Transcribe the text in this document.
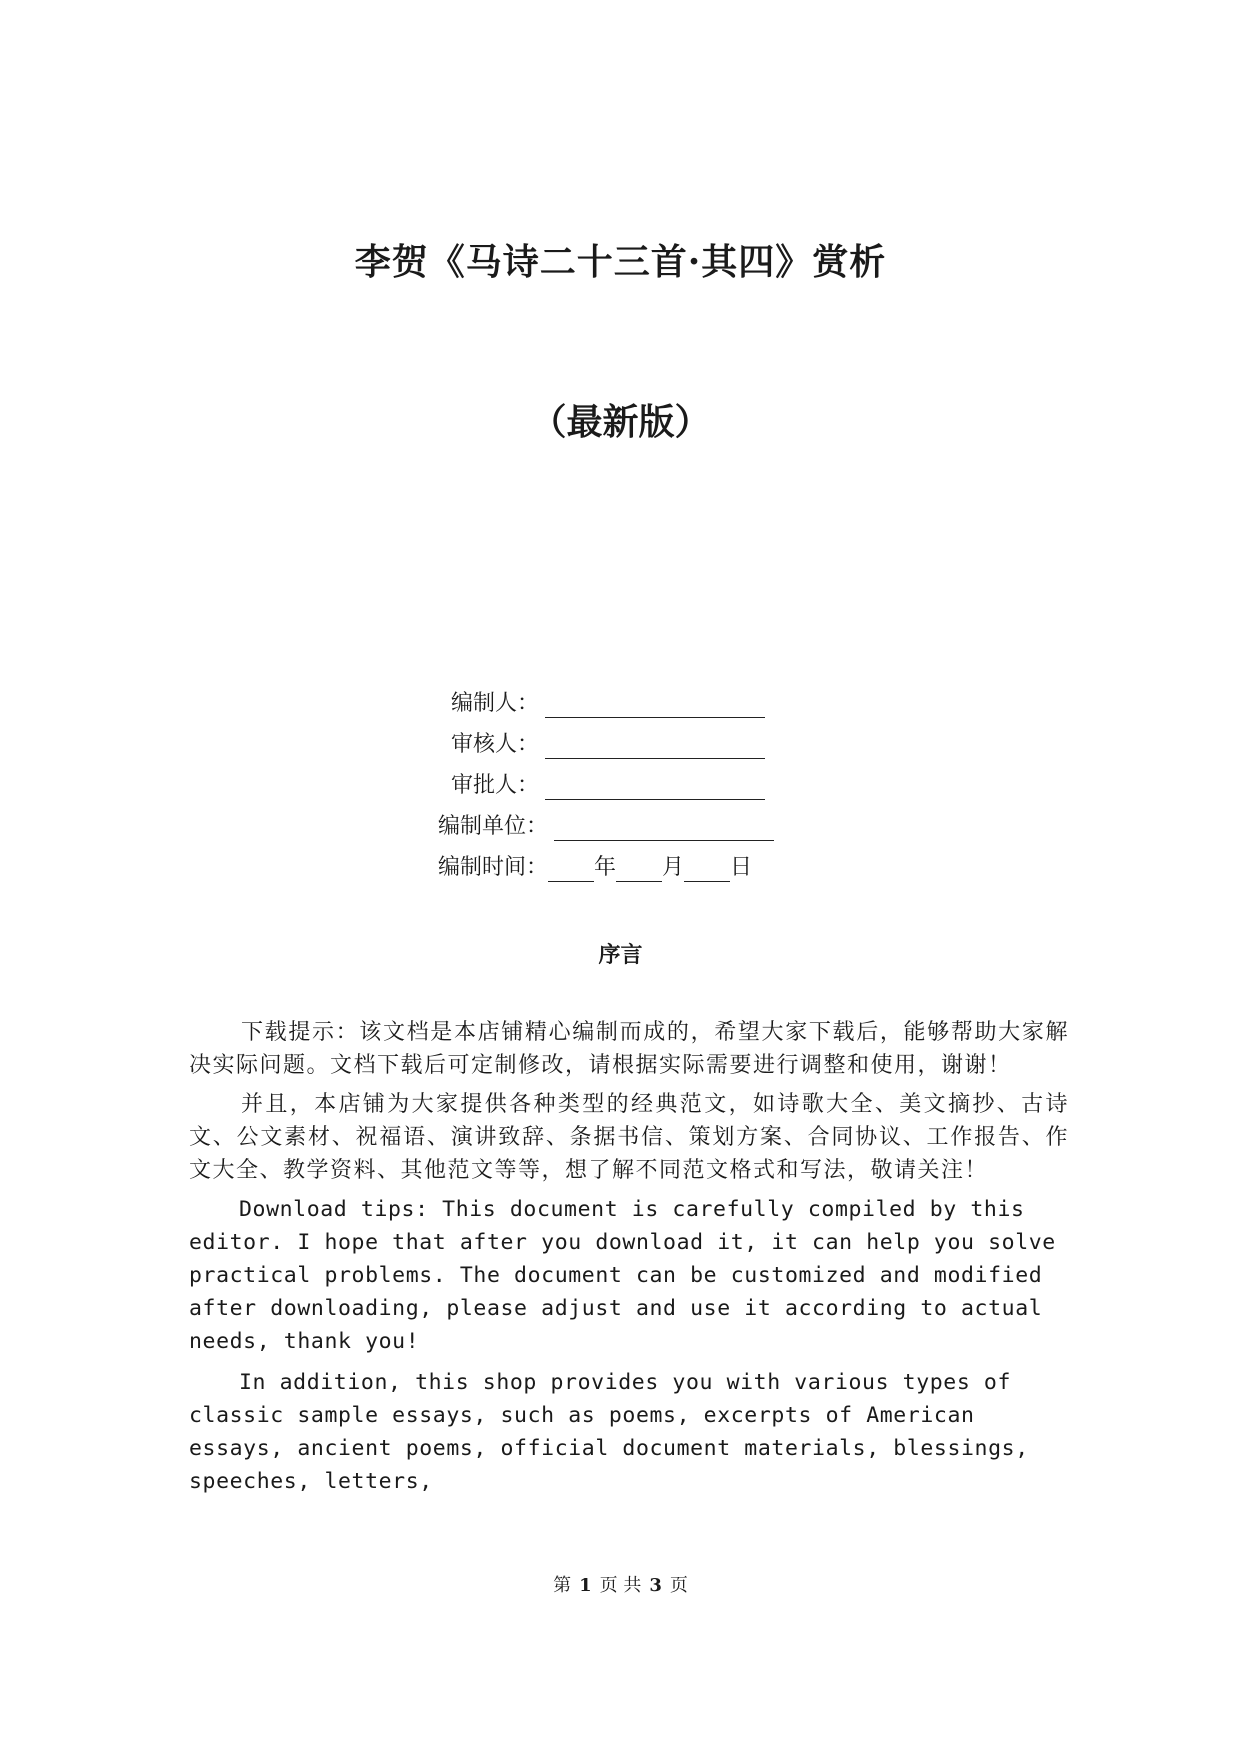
李贺《马诗二十三首·其四》赏析
（最新版）
编制人：
审核人：
审批人：
编制单位：
编制时间： 年 月 日
序言

下载提示：该文档是本店铺精心编制而成的，希望大家下载后，能够帮助大家解决实际问题。文档下载后可定制修改，请根据实际需要进行调整和使用，谢谢！

并且，本店铺为大家提供各种类型的经典范文，如诗歌大全、美文摘抄、古诗文、公文素材、祝福语、演讲致辞、条据书信、策划方案、合同协议、工作报告、作文大全、教学资料、其他范文等等，想了解不同范文格式和写法，敬请关注！

Download tips: This document is carefully compiled by this editor. I hope that after you download it, it can help you solve practical problems. The document can be customized and modified after downloading, please adjust and use it according to actual needs, thank you!

In addition, this shop provides you with various types of classic sample essays, such as poems, excerpts of American essays, ancient poems, official document materials, blessings, speeches, letters,

第 1 页 共 3 页
